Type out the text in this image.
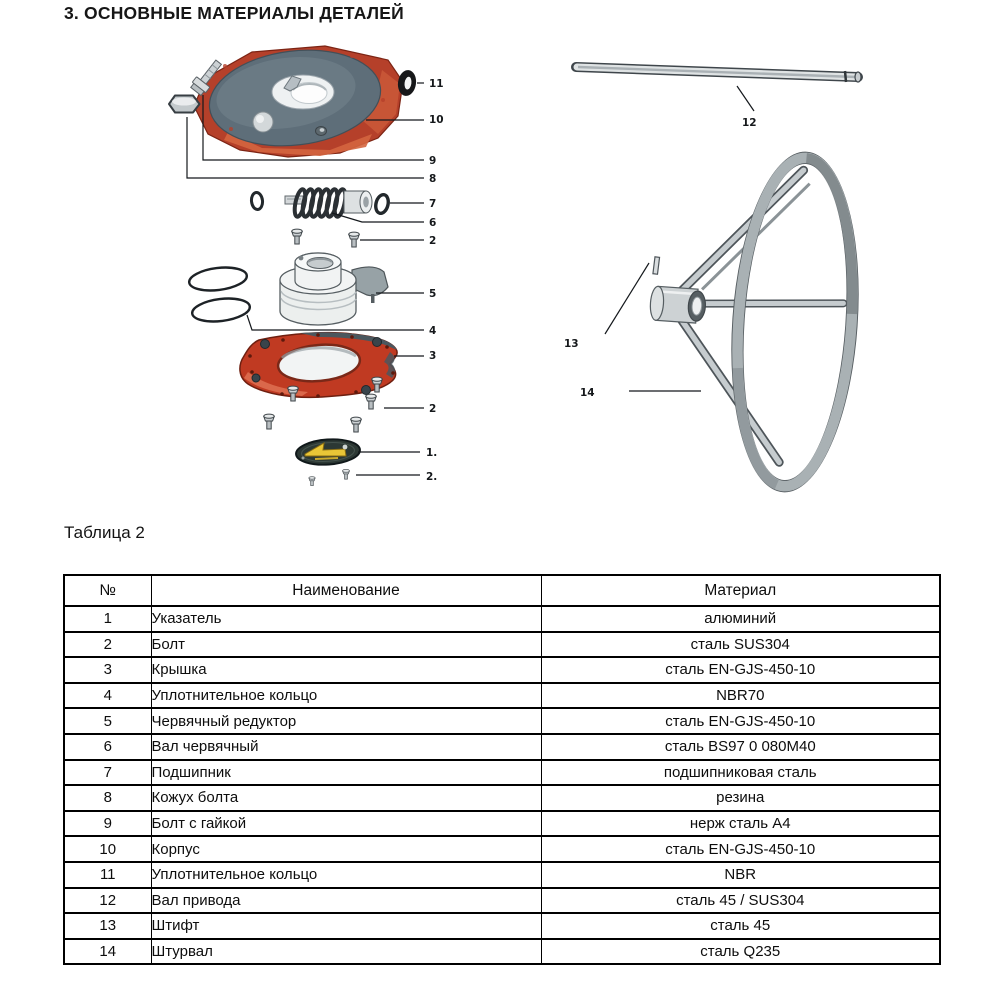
3. ОСНОВНЫЕ МАТЕРИАЛЫ ДЕТАЛЕЙ
11
10
9
8
7
6
2
5
4
3
2
1.
2.
12
13
14
Таблица 2
№	Наименование	Материал
1	Указатель	алюминий
2	Болт	сталь SUS304
3	Крышка	сталь EN-GJS-450-10
4	Уплотнительное кольцо	NBR70
5	Червячный редуктор	сталь EN-GJS-450-10
6	Вал червячный	сталь BS97 0 080M40
7	Подшипник	подшипниковая сталь
8	Кожух болта	резина
9	Болт с гайкой	нерж сталь А4
10	Корпус	сталь EN-GJS-450-10
11	Уплотнительное кольцо	NBR
12	Вал привода	сталь 45 / SUS304
13	Штифт	сталь 45
14	Штурвал	сталь Q235
